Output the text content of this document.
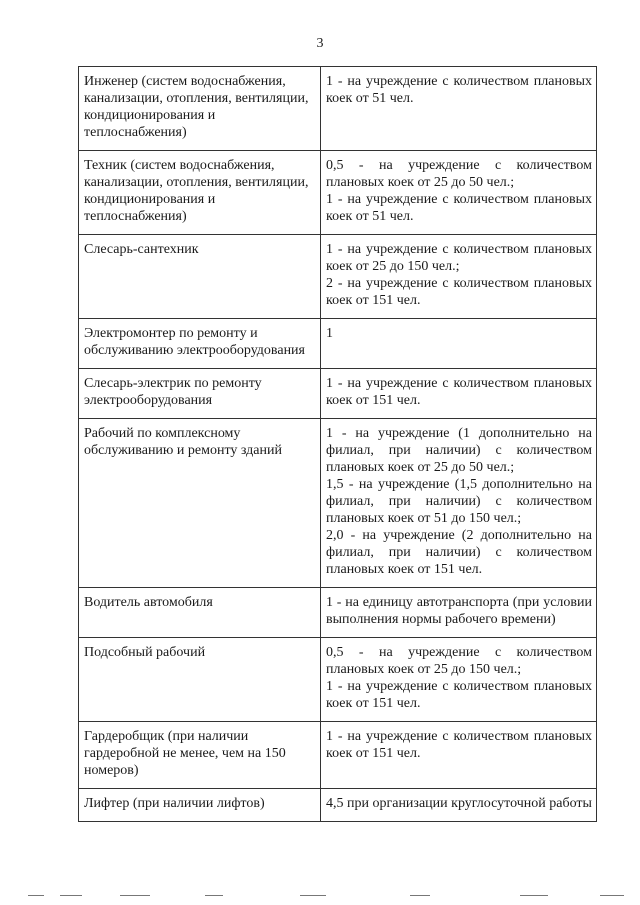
3
Инженер (систем водоснабжения, канализации, отопления, вентиляции, кондиционирования и теплоснабжения)	1 - на учреждение с количеством плановых коек от 51 чел.

Техник (систем водоснабжения, канализации, отопления, вентиляции, кондиционирования и теплоснабжения)	0,5 - на учреждение с количеством плановых коек от 25 до 50 чел.;
1 - на учреждение с количеством плановых коек от 51 чел.

Слесарь-сантехник	1 - на учреждение с количеством плановых коек от 25 до 150 чел.;
2 - на учреждение с количеством плановых коек от 151 чел.

Электромонтер по ремонту и обслуживанию электрооборудования	1

Слесарь-электрик по ремонту электрооборудования	1 - на учреждение с количеством плановых коек от 151 чел.

Рабочий по комплексному обслуживанию и ремонту зданий	1 - на учреждение (1 дополнительно на филиал, при наличии) с количеством плановых коек от 25 до 50 чел.;
1,5 - на учреждение (1,5 дополнительно на филиал, при наличии) с количеством плановых коек от 51 до 150 чел.;
2,0 - на учреждение (2 дополнительно на филиал, при наличии) с количеством плановых коек от 151 чел.

Водитель автомобиля	1 - на единицу автотранспорта (при условии выполнения нормы рабочего времени)

Подсобный рабочий	0,5 - на учреждение с количеством плановых коек от 25 до 150 чел.;
1 - на учреждение с количеством плановых коек от 151 чел.

Гардеробщик (при наличии гардеробной не менее, чем на 150 номеров)	1 - на учреждение с количеством плановых коек от 151 чел.

Лифтер (при наличии лифтов)	4,5 при организации круглосуточной работы
